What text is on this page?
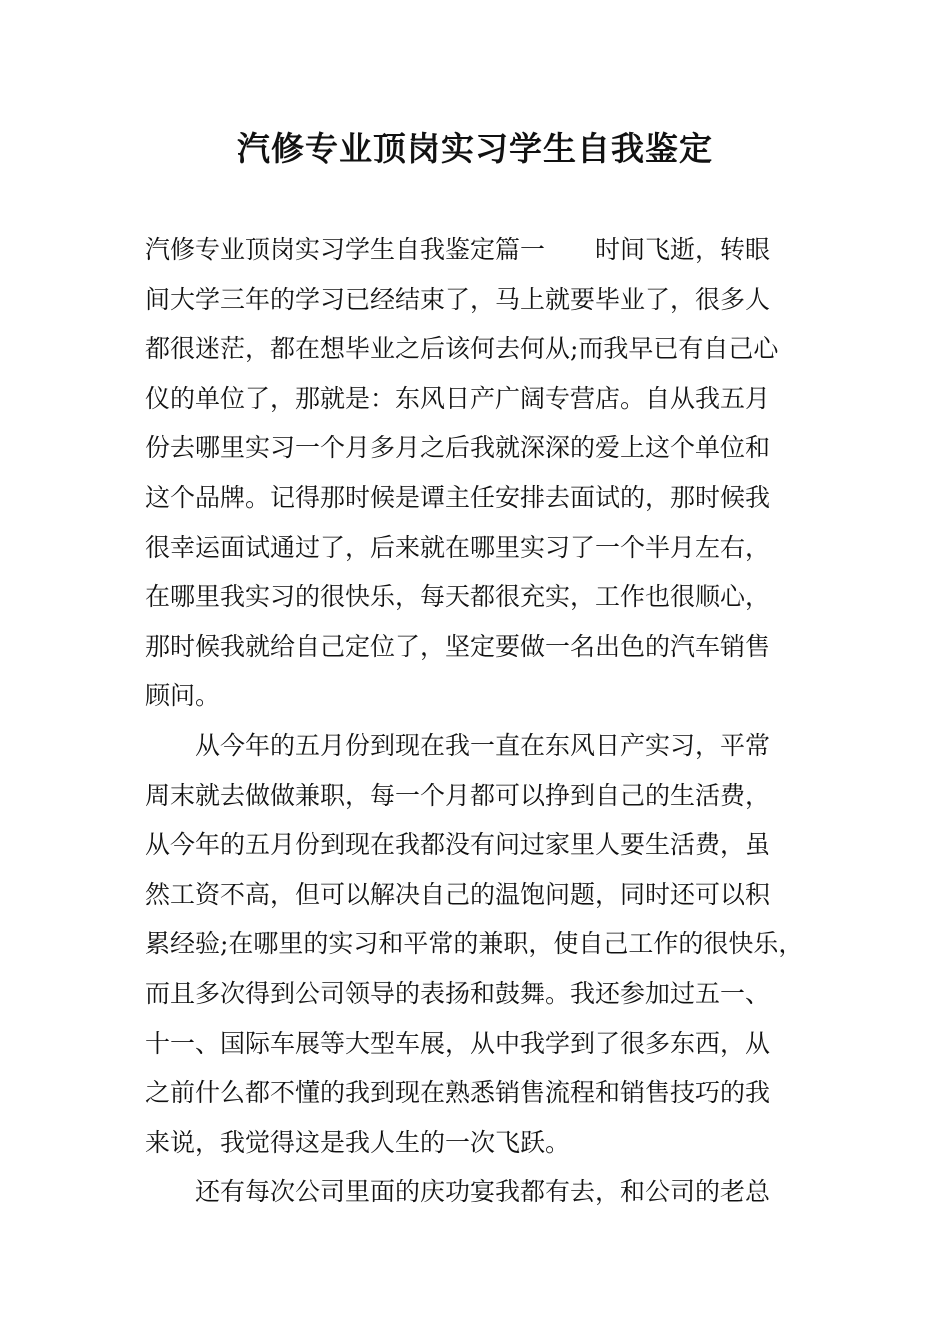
汽修专业顶岗实习学生自我鉴定
汽修专业顶岗实习学生自我鉴定篇一　　时间飞逝，转眼
间大学三年的学习已经结束了，马上就要毕业了，很多人
都很迷茫，都在想毕业之后该何去何从;而我早已有自己心
仪的单位了，那就是：东风日产广阔专营店。自从我五月
份去哪里实习一个月多月之后我就深深的爱上这个单位和
这个品牌。记得那时候是谭主任安排去面试的，那时候我
很幸运面试通过了，后来就在哪里实习了一个半月左右，
在哪里我实习的很快乐，每天都很充实，工作也很顺心，
那时候我就给自己定位了，坚定要做一名出色的汽车销售
顾问。
　　从今年的五月份到现在我一直在东风日产实习，平常
周末就去做做兼职，每一个月都可以挣到自己的生活费，
从今年的五月份到现在我都没有问过家里人要生活费，虽
然工资不高，但可以解决自己的温饱问题，同时还可以积
累经验;在哪里的实习和平常的兼职，使自己工作的很快乐，
而且多次得到公司领导的表扬和鼓舞。我还参加过五一、
十一、国际车展等大型车展，从中我学到了很多东西，从
之前什么都不懂的我到现在熟悉销售流程和销售技巧的我
来说，我觉得这是我人生的一次飞跃。
　　还有每次公司里面的庆功宴我都有去，和公司的老总
